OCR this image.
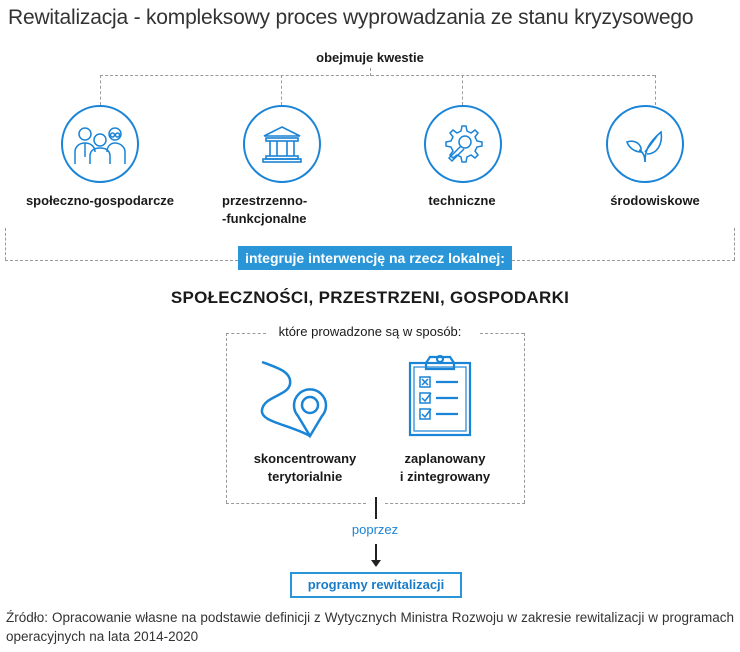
Rewitalizacja - kompleksowy proces wyprowadzania ze stanu kryzysowego
obejmuje kwestie
społeczno-gospodarcze	przestrzenno-
-funkcjonalne
techniczne	środowiskowe
integruje interwencję na rzecz lokalnej:
SPOŁECZNOŚCI, PRZESTRZENI, GOSPODARKI
które prowadzone są w sposób:
skoncentrowany
terytorialnie
zaplanowany
i zintegrowany
poprzez
programy rewitalizacji
Źródło: Opracowanie własne na podstawie definicji z Wytycznych Ministra Rozwoju w zakresie rewitalizacji w programach operacyjnych na lata 2014-2020
